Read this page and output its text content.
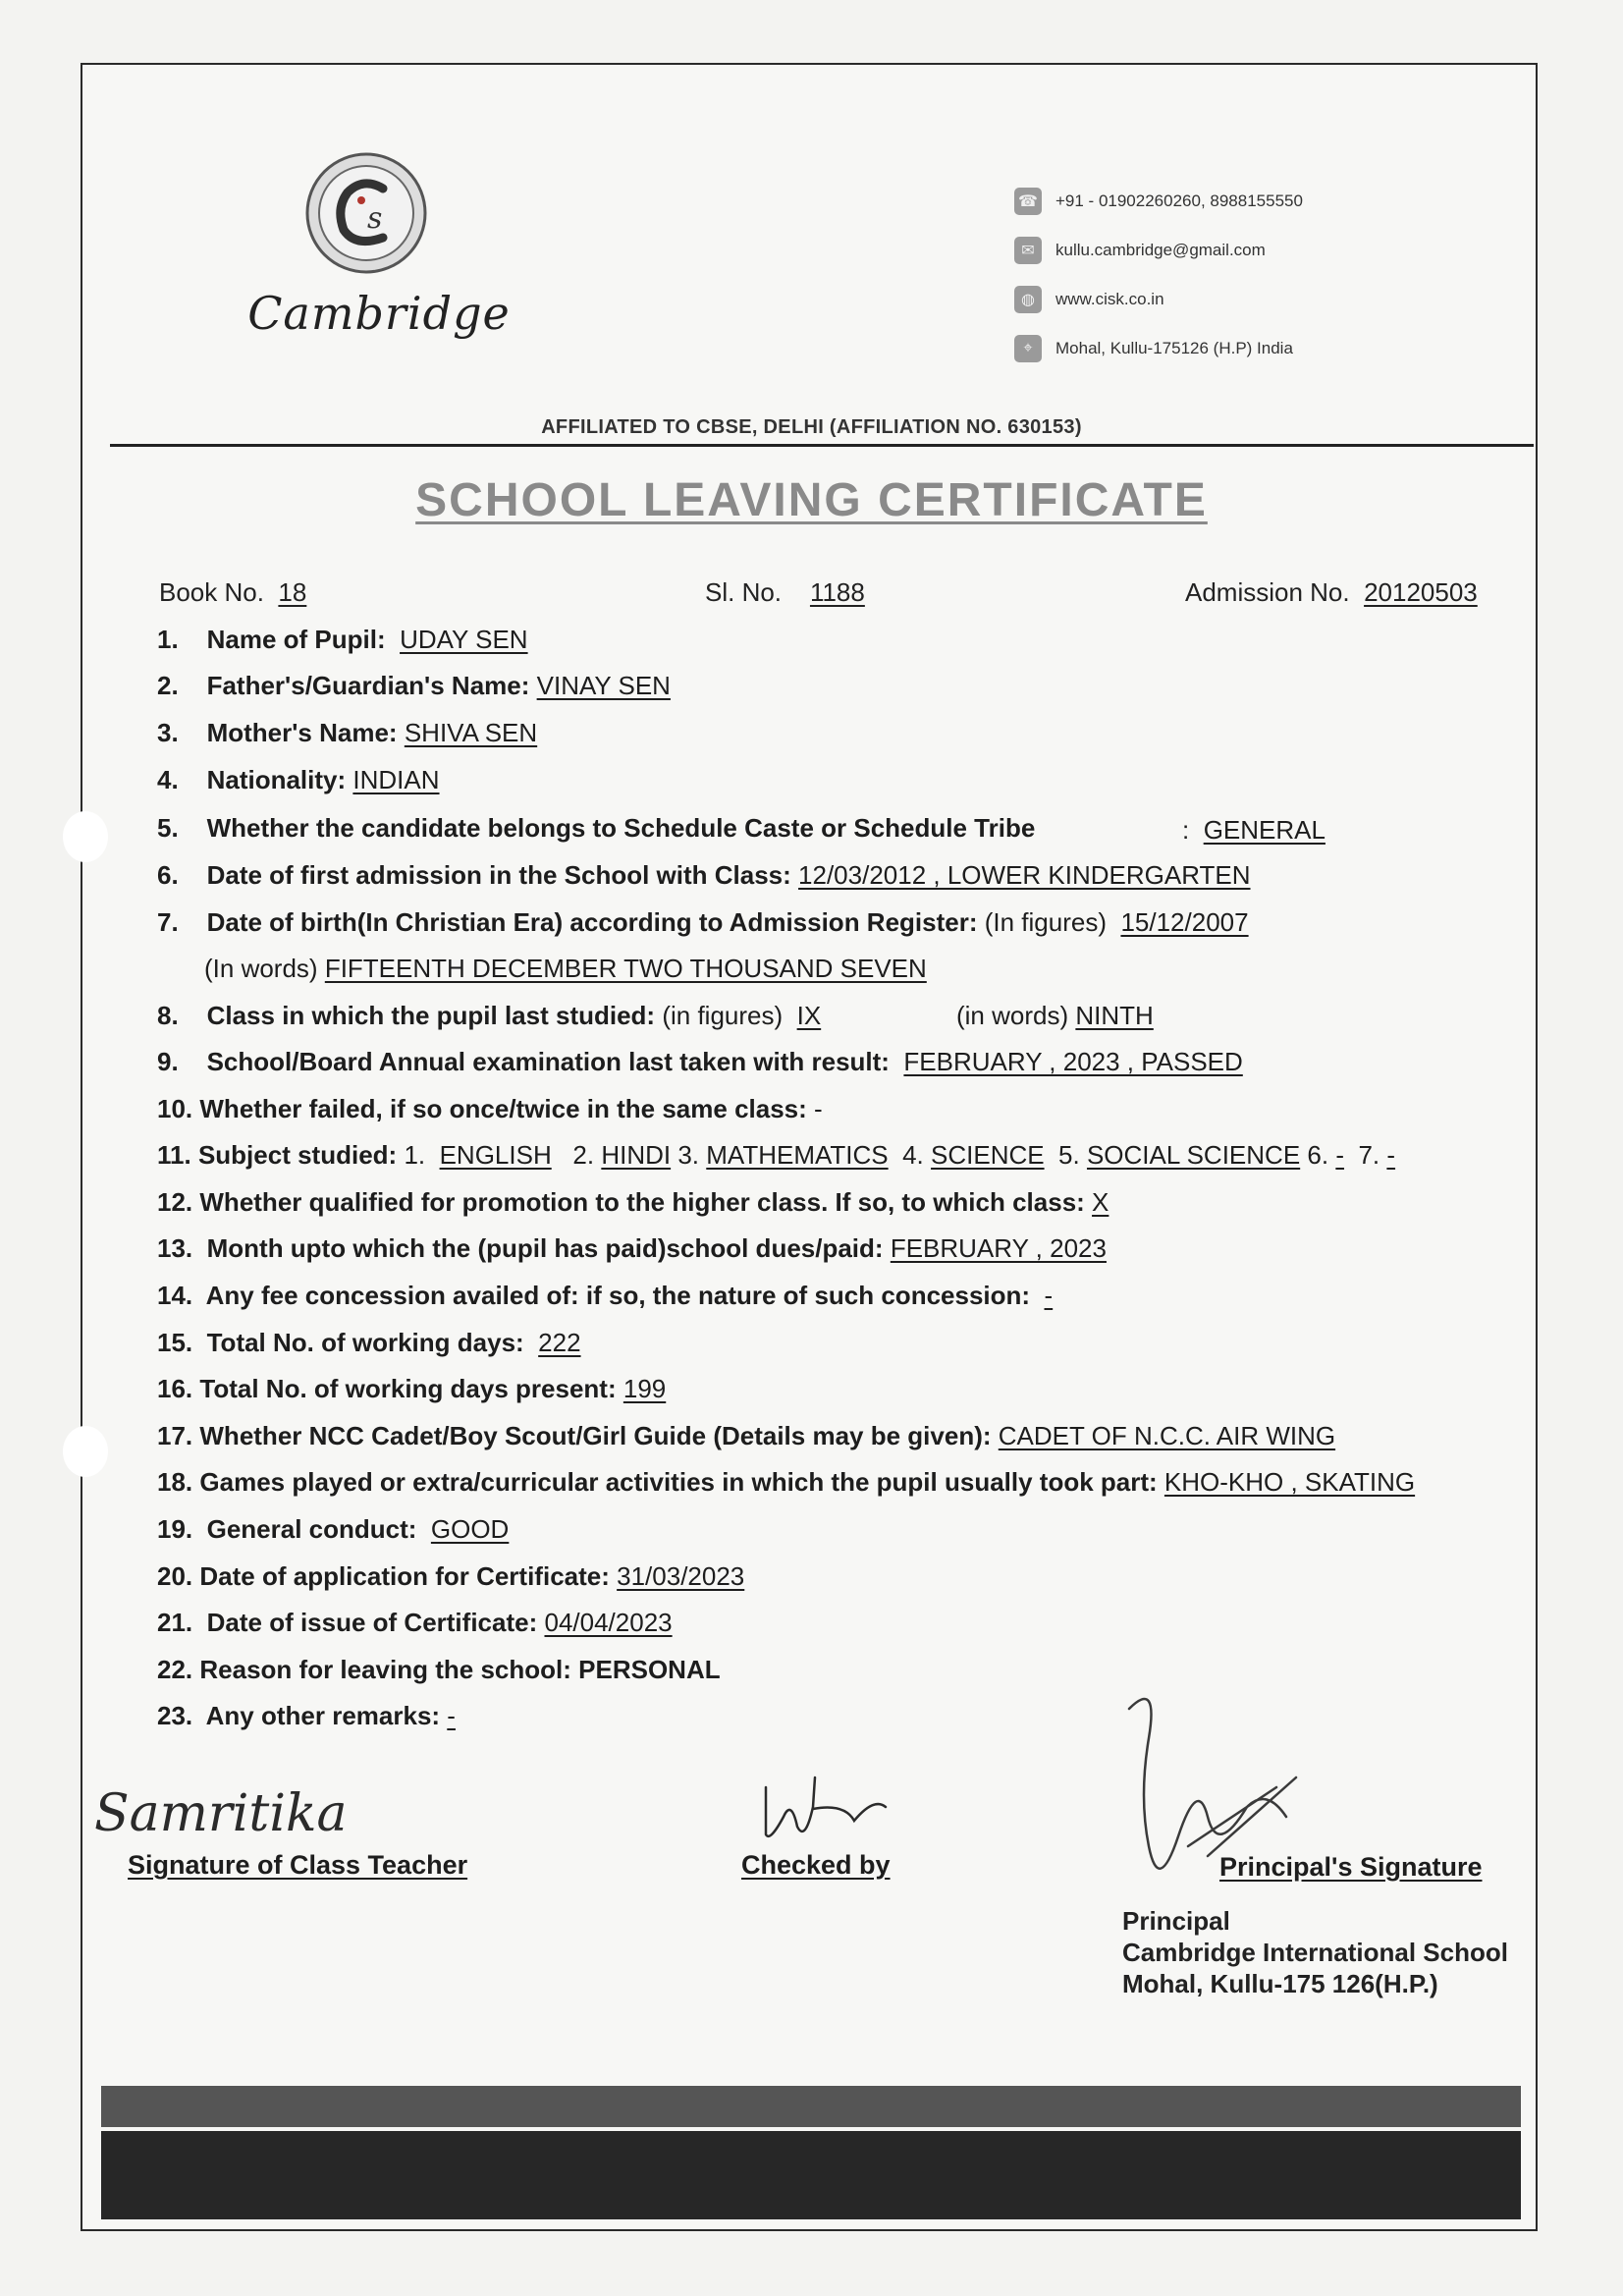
s
Cambridge
☎ +91 - 01902260260, 8988155550
✉	kullu.cambridge@gmail.com
◍	www.cisk.co.in
⌖	Mohal, Kullu-175126 (H.P) India
AFFILIATED TO CBSE, DELHI (AFFILIATION NO. 630153)
SCHOOL LEAVING CERTIFICATE
Book No. 18	Sl. No. 1188	Admission No. 20120503
1. Name of Pupil: UDAY SEN
2. Father's/Guardian's Name: VINAY SEN
3. Mother's Name: SHIVA SEN
4. Nationality: INDIAN
5. Whether the candidate belongs to Schedule Caste or Schedule Tribe	: GENERAL
6. Date of first admission in the School with Class: 12/03/2012 , LOWER KINDERGARTEN
7. Date of birth(In Christian Era) according to Admission Register: (In figures) 15/12/2007
(In words) FIFTEENTH DECEMBER TWO THOUSAND SEVEN
8. Class in which the pupil last studied: (in figures) IX	(in words) NINTH
9. School/Board Annual examination last taken with result: FEBRUARY , 2023 , PASSED
10. Whether failed, if so once/twice in the same class: -
11. Subject studied: 1. ENGLISH 2. HINDI 3. MATHEMATICS 4. SCIENCE 5. SOCIAL SCIENCE 6. - 7. -
12. Whether qualified for promotion to the higher class. If so, to which class: X
13. Month upto which the (pupil has paid)school dues/paid: FEBRUARY , 2023
14. Any fee concession availed of: if so, the nature of such concession: -
15. Total No. of working days: 222
16. Total No. of working days present: 199
17. Whether NCC Cadet/Boy Scout/Girl Guide (Details may be given): CADET OF N.C.C. AIR WING
18. Games played or extra/curricular activities in which the pupil usually took part: KHO-KHO , SKATING
19. General conduct: GOOD
20. Date of application for Certificate: 31/03/2023
21. Date of issue of Certificate: 04/04/2023
22. Reason for leaving the school: PERSONAL
23. Any other remarks: -
Samritika
Signature of Class Teacher	Checked by	Principal's Signature
Principal
Cambridge International School
Mohal, Kullu-175 126(H.P.)
